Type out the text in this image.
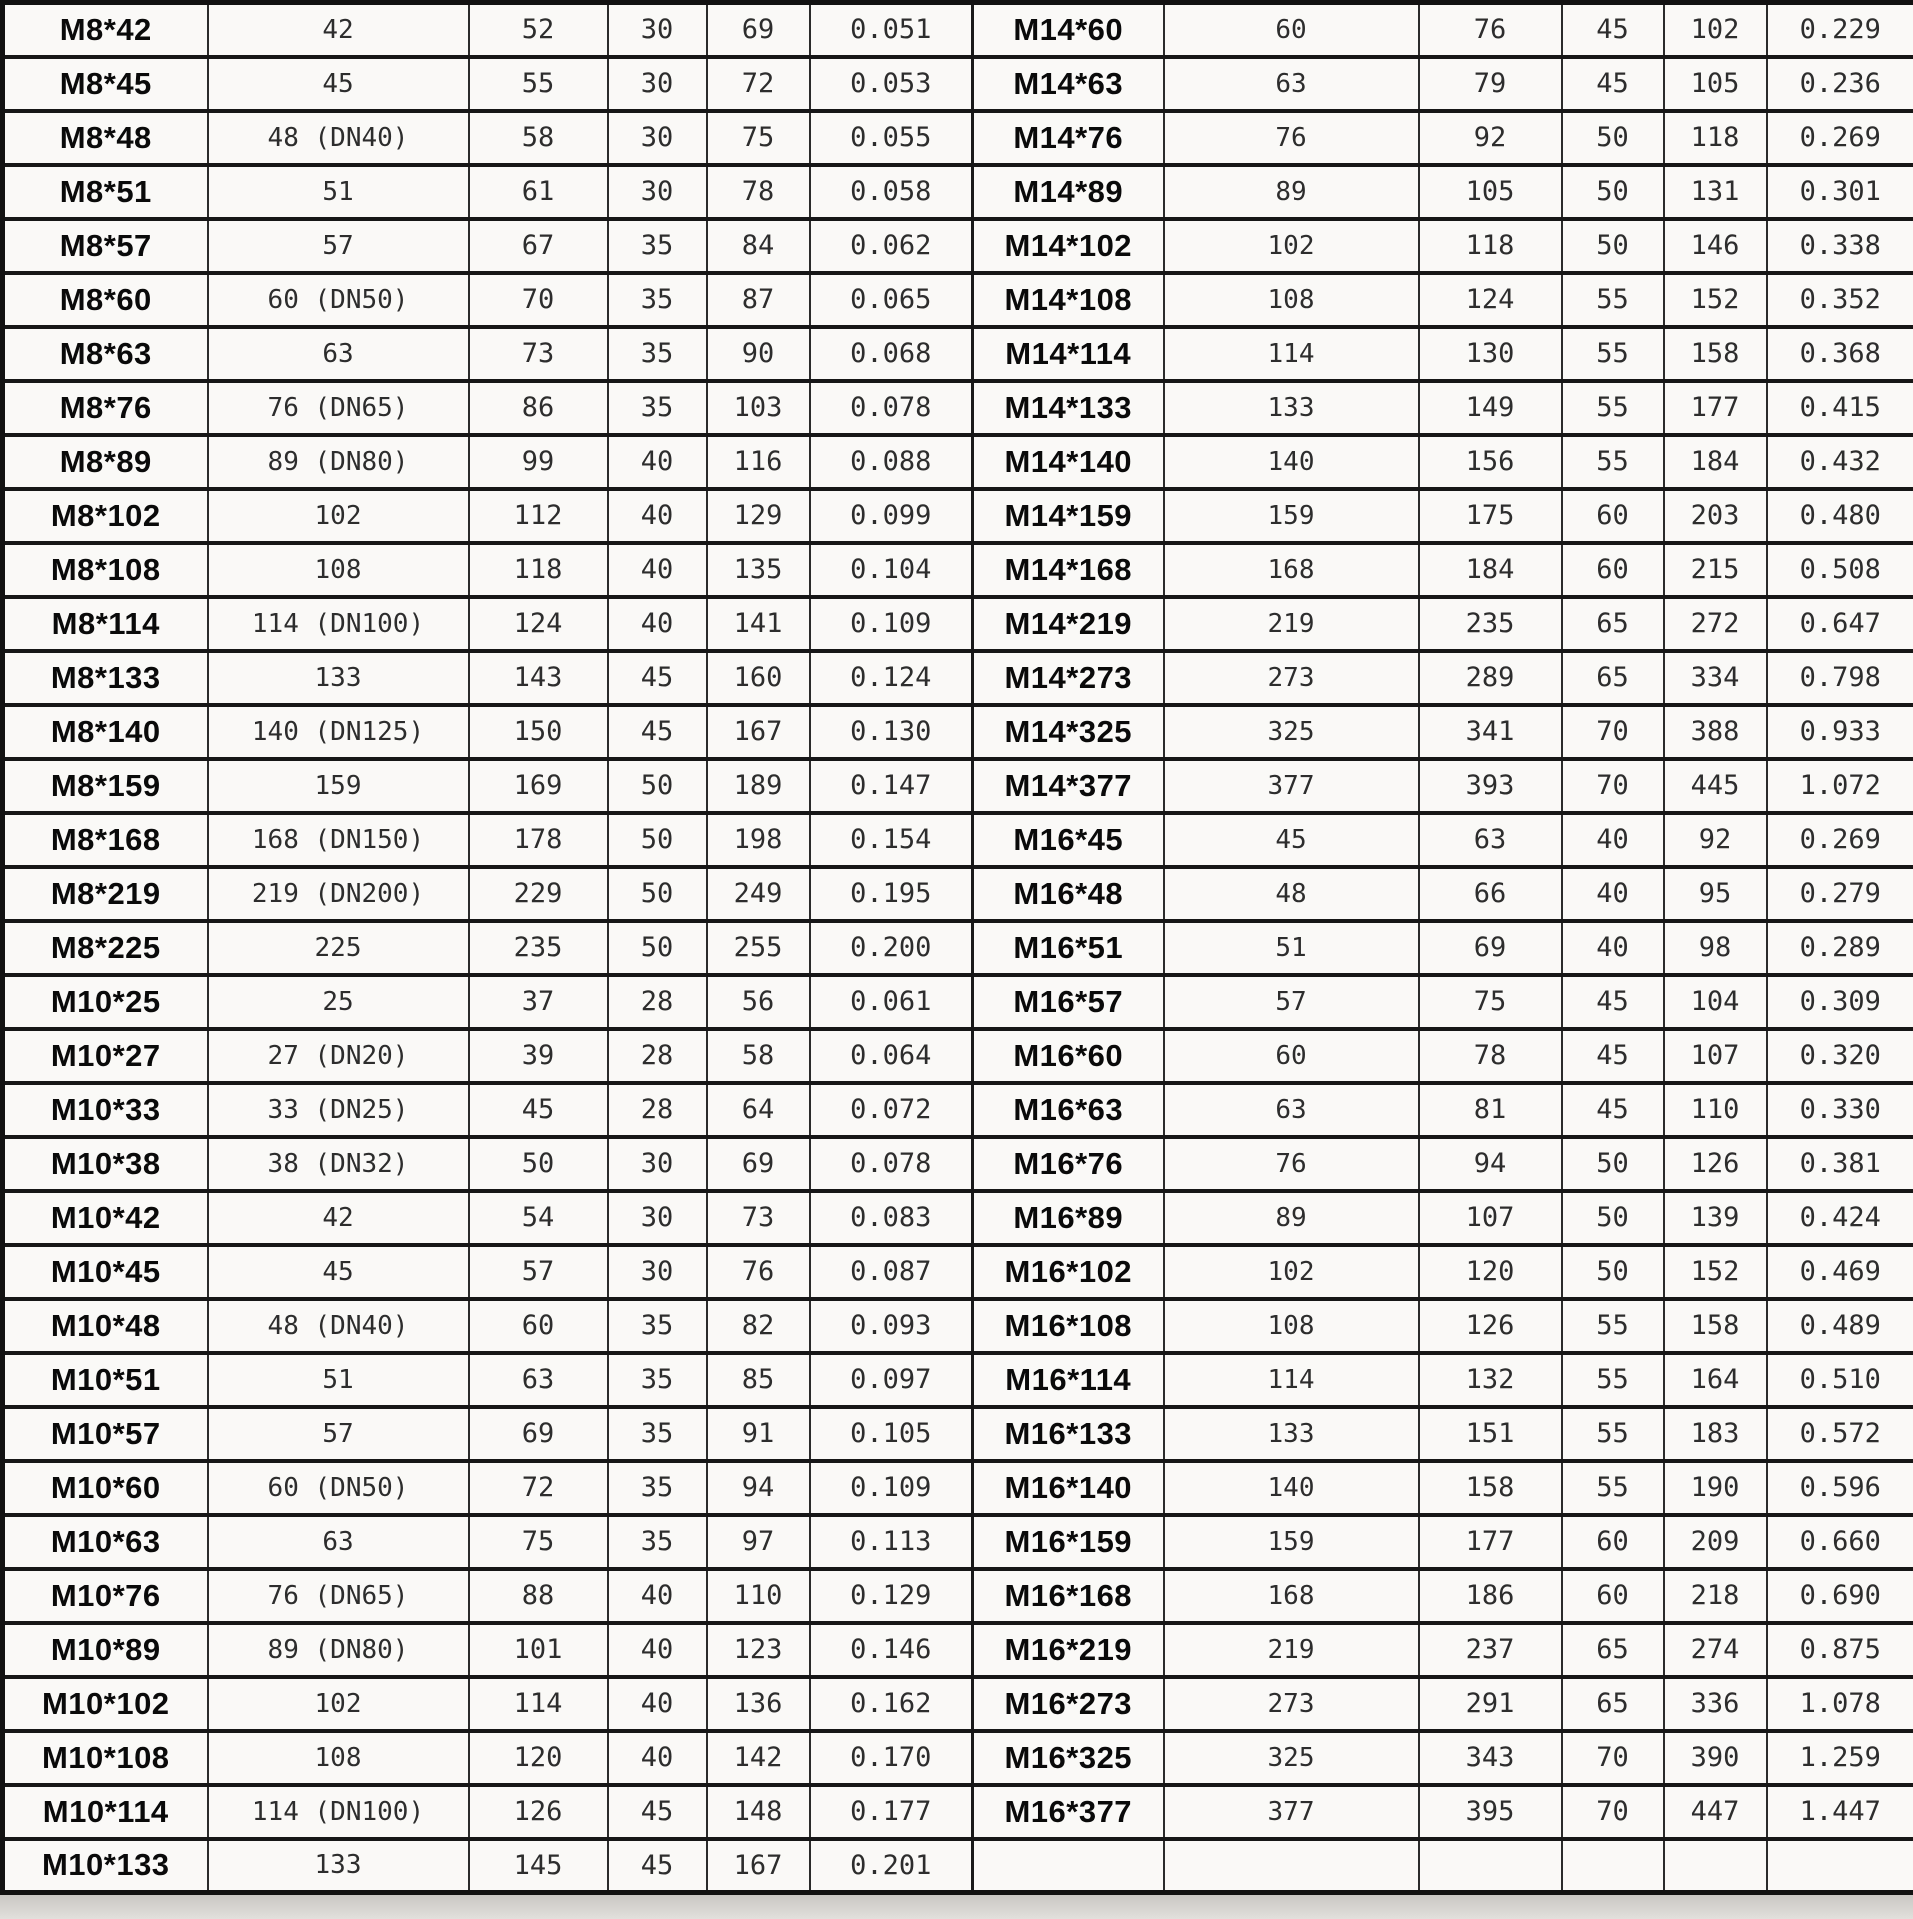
M8*42	42	52	30	69	0.051	M14*60	60	76	45	102	0.229
M8*45	45	55	30	72	0.053	M14*63	63	79	45	105	0.236
M8*48	48 (DN40)	58	30	75	0.055	M14*76	76	92	50	118	0.269
M8*51	51	61	30	78	0.058	M14*89	89	105	50	131	0.301
M8*57	57	67	35	84	0.062	M14*102	102	118	50	146	0.338
M8*60	60 (DN50)	70	35	87	0.065	M14*108	108	124	55	152	0.352
M8*63	63	73	35	90	0.068	M14*114	114	130	55	158	0.368
M8*76	76 (DN65)	86	35	103	0.078	M14*133	133	149	55	177	0.415
M8*89	89 (DN80)	99	40	116	0.088	M14*140	140	156	55	184	0.432
M8*102	102	112	40	129	0.099	M14*159	159	175	60	203	0.480
M8*108	108	118	40	135	0.104	M14*168	168	184	60	215	0.508
M8*114	114 (DN100)	124	40	141	0.109	M14*219	219	235	65	272	0.647
M8*133	133	143	45	160	0.124	M14*273	273	289	65	334	0.798
M8*140	140 (DN125)	150	45	167	0.130	M14*325	325	341	70	388	0.933
M8*159	159	169	50	189	0.147	M14*377	377	393	70	445	1.072
M8*168	168 (DN150)	178	50	198	0.154	M16*45	45	63	40	92	0.269
M8*219	219 (DN200)	229	50	249	0.195	M16*48	48	66	40	95	0.279
M8*225	225	235	50	255	0.200	M16*51	51	69	40	98	0.289
M10*25	25	37	28	56	0.061	M16*57	57	75	45	104	0.309
M10*27	27 (DN20)	39	28	58	0.064	M16*60	60	78	45	107	0.320
M10*33	33 (DN25)	45	28	64	0.072	M16*63	63	81	45	110	0.330
M10*38	38 (DN32)	50	30	69	0.078	M16*76	76	94	50	126	0.381
M10*42	42	54	30	73	0.083	M16*89	89	107	50	139	0.424
M10*45	45	57	30	76	0.087	M16*102	102	120	50	152	0.469
M10*48	48 (DN40)	60	35	82	0.093	M16*108	108	126	55	158	0.489
M10*51	51	63	35	85	0.097	M16*114	114	132	55	164	0.510
M10*57	57	69	35	91	0.105	M16*133	133	151	55	183	0.572
M10*60	60 (DN50)	72	35	94	0.109	M16*140	140	158	55	190	0.596
M10*63	63	75	35	97	0.113	M16*159	159	177	60	209	0.660
M10*76	76 (DN65)	88	40	110	0.129	M16*168	168	186	60	218	0.690
M10*89	89 (DN80)	101	40	123	0.146	M16*219	219	237	65	274	0.875
M10*102	102	114	40	136	0.162	M16*273	273	291	65	336	1.078
M10*108	108	120	40	142	0.170	M16*325	325	343	70	390	1.259
M10*114	114 (DN100)	126	45	148	0.177	M16*377	377	395	70	447	1.447
M10*133	133	145	45	167	0.201						
